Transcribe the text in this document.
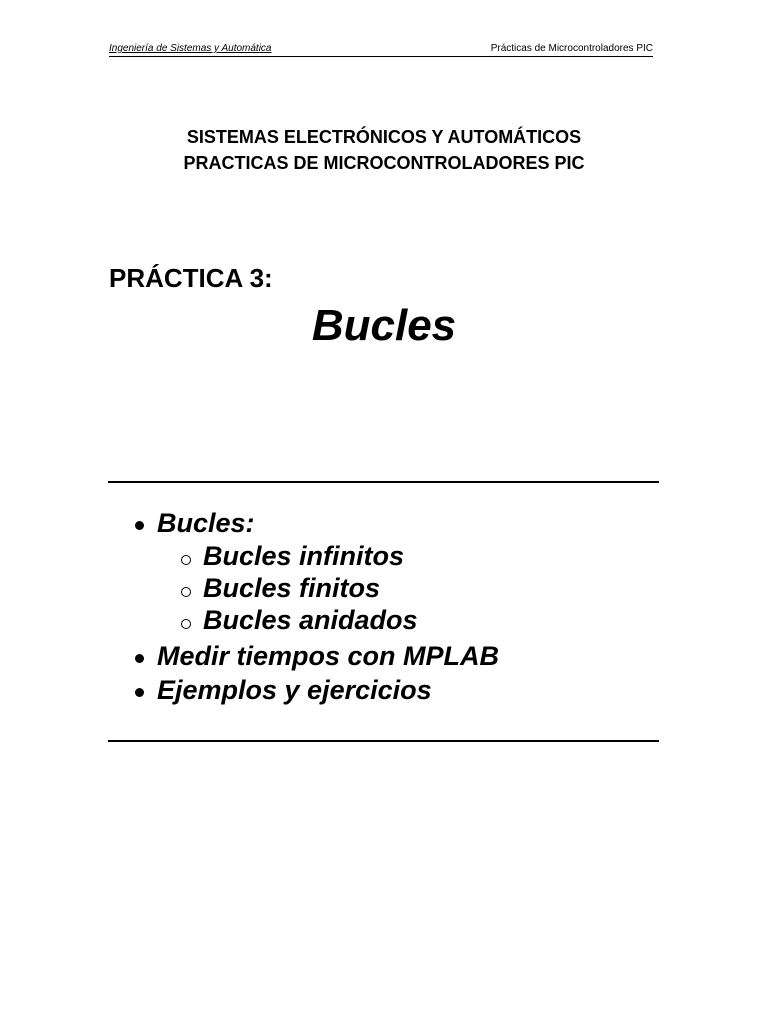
Ingeniería de Sistemas y Automática	Prácticas de Microcontroladores PIC
SISTEMAS ELECTRÓNICOS Y AUTOMÁTICOS
PRACTICAS DE MICROCONTROLADORES PIC
PRÁCTICA 3:
Bucles
Bucles:
Bucles infinitos
Bucles finitos
Bucles anidados
Medir tiempos con MPLAB
Ejemplos y ejercicios
